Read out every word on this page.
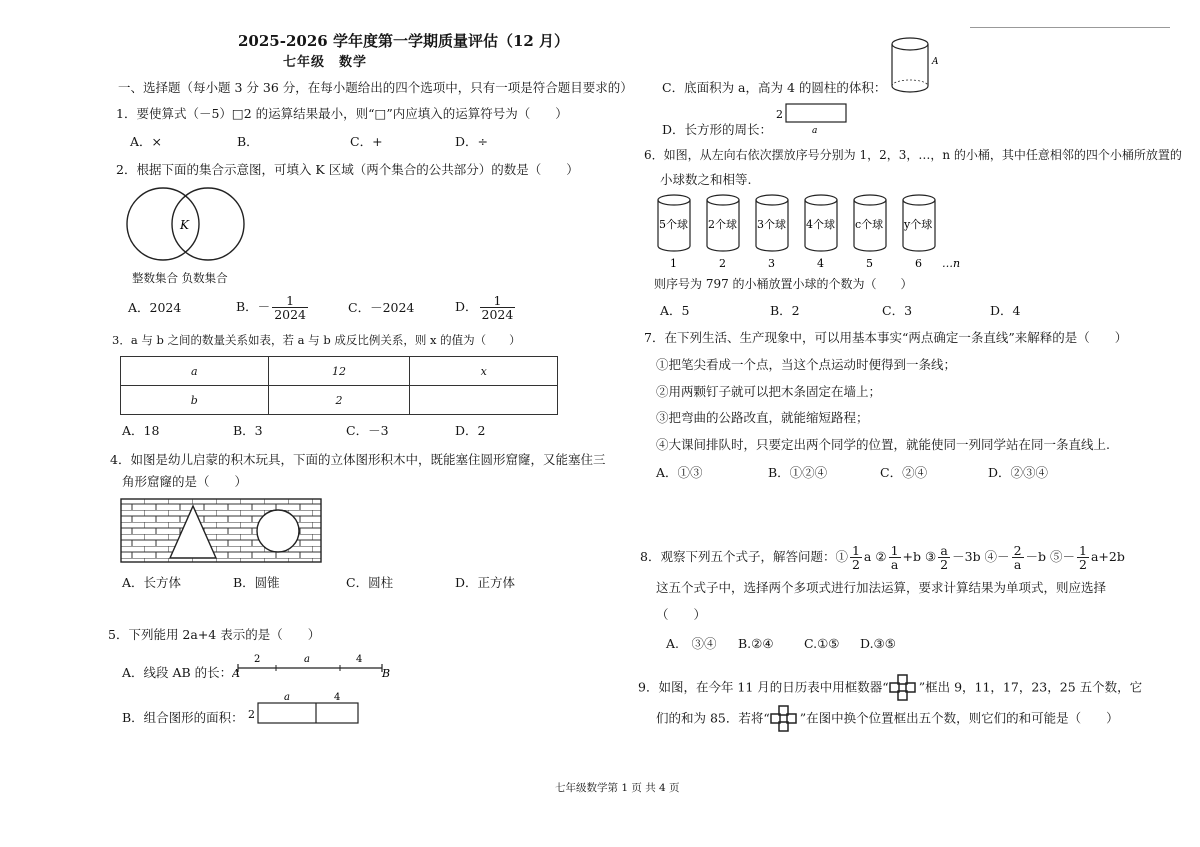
2025-2026 学年度第一学期质量评估（12 月）
七年级　数学
一、选择题（每小题 3 分 36 分，在每小题给出的四个选项中，只有一项是符合题目要求的）
1．要使算式（－5）□2 的运算结果最小，则“□”内应填入的运算符号为（　　）
A．×	B．	C．+	D．÷
2．根据下面的集合示意图，可填入 K 区域（两个集合的公共部分）的数是（　　）
K
整数集合 负数集合
A．2024	B．－ $\frac{1}{2024}$	C．－2024	D． $\frac{1}{2024}$
3．a 与 b 之间的数量关系如表，若 a 与 b 成反比例关系，则 x 的值为（　　）
a	12	x
b	2	
A．18	B．3	C．－3	D．2
4．如图是幼儿启蒙的积木玩具，下面的立体图形积木中，既能塞住圆形窟窿，又能塞住三
角形窟窿的是（　　）
A．长方体	B．圆锥	C．圆柱	D．正方体
5．下列能用 2a+4 表示的是（　　）
A．线段 AB 的长： A	B
2	a	4
B．组合图形的面积： 2
a	4
C．底面积为 a，高为 4 的圆柱的体积：
A
D．长方形的周长：
2
a
6．如图，从左向右依次摆放序号分别为 1，2，3，…，n 的小桶，其中任意相邻的四个小桶所放置的
小球数之和相等.
5个球 2个球 3个球 4个球 c个球 y个球
1	2	3	4	5	6 …n
则序号为 797 的小桶放置小球的个数为（　　）
A．5	B．2	C．3	D．4
7．在下列生活、生产现象中，可以用基本事实“两点确定一条直线”来解释的是（　　）
①把笔尖看成一个点，当这个点运动时便得到一条线；
②用两颗钉子就可以把木条固定在墙上；
③把弯曲的公路改直，就能缩短路程；
④大课间排队时，只要定出两个同学的位置，就能使同一列同学站在同一条直线上.
A．①③	B．①②④	C．②④	D．②③④
8．观察下列五个式子，解答问题：① $\frac{1}{2}$ a ② $\frac{1}{a} +b$ ③ $\frac{a}{2} -3b$ ④－ $\frac{2}{a} -b$ ⑤－ $\frac{1}{2} a+2b$
这五个式子中，选择两个多项式进行加法运算，要求计算结果为单项式，则应选择
（　　）
A.　③④ B.②④ C.①⑤ D.③⑤
9．如图，在今年 11 月的日历表中用框数器“ ”框出 9，11，17，23，25 五个数，它
们的和为 85．若将“ ”在图中换个位置框出五个数，则它们的和可能是（　　）
七年级数学第 1 页 共 4 页
